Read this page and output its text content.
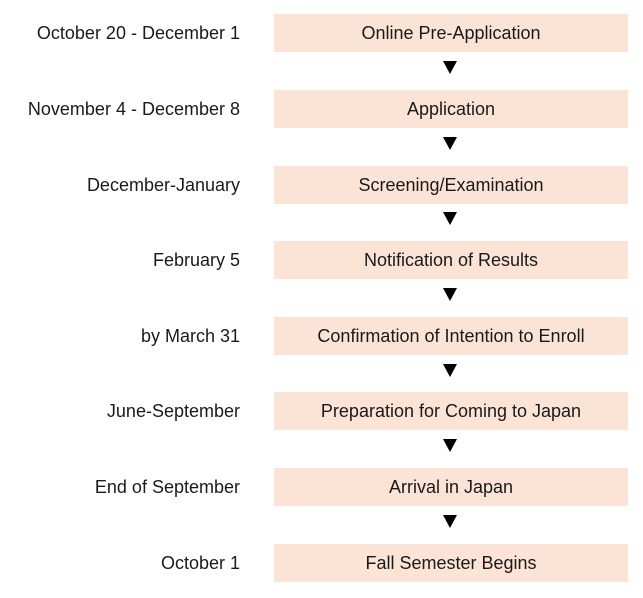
October 20 - December 1	Online Pre-Application
November 4 - December 8	Application
December-January	Screening/Examination
February 5	Notification of Results
by March 31	Confirmation of Intention to Enroll
June-September	Preparation for Coming to Japan
End of September	Arrival in Japan
October 1	Fall Semester Begins
